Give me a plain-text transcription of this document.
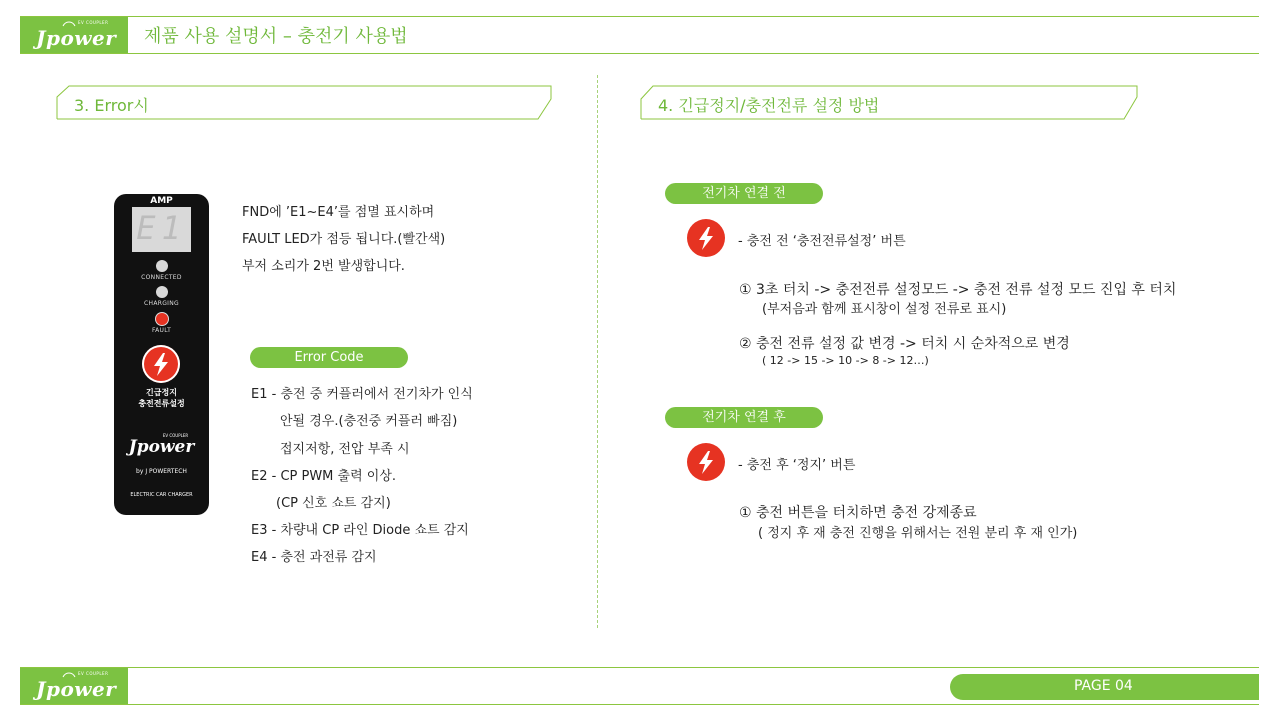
EV COUPLER
Jpower 제품 사용 설명서 – 충전기 사용법
3. Error시	4. 긴급정지/충전전류 설정 방법
AMP
E1
CONNECTED
CHARGING
FAULT
긴급정지
충전전류설정
EV COUPLER
Jpower
by J POWERTECH
ELECTRIC CAR CHARGER
FND에 ’E1~E4’를 점멸 표시하며
FAULT LED가 점등 됩니다.(빨간색)
부저 소리가 2번 발생합니다.
Error Code
E1 - 충전 중 커플러에서 전기차가 인식
안될 경우.(충전중 커플러 빠짐)
접지저항, 전압 부족 시
E2 - CP PWM 출력 이상.
(CP 신호 쇼트 감지)
E3 - 차량내 CP 라인 Diode 쇼트 감지
E4 - 충전 과전류 감지
전기차 연결 전
- 충전 전 ‘충전전류설정’ 버튼
① 3초 터치 -> 충전전류 설정모드 -> 충전 전류 설정 모드 진입 후 터치
(부저음과 함께 표시창이 설정 전류로 표시)
② 충전 전류 설정 값 변경 -> 터치 시 순차적으로 변경
( 12 -> 15 -> 10 -> 8 -> 12…)
전기차 연결 후
- 충전 후 ‘정지’ 버튼
① 충전 버튼을 터치하면 충전 강제종료
( 정지 후 재 충전 진행을 위해서는 전원 분리 후 재 인가)
EV COUPLER
Jpower	PAGE 04
